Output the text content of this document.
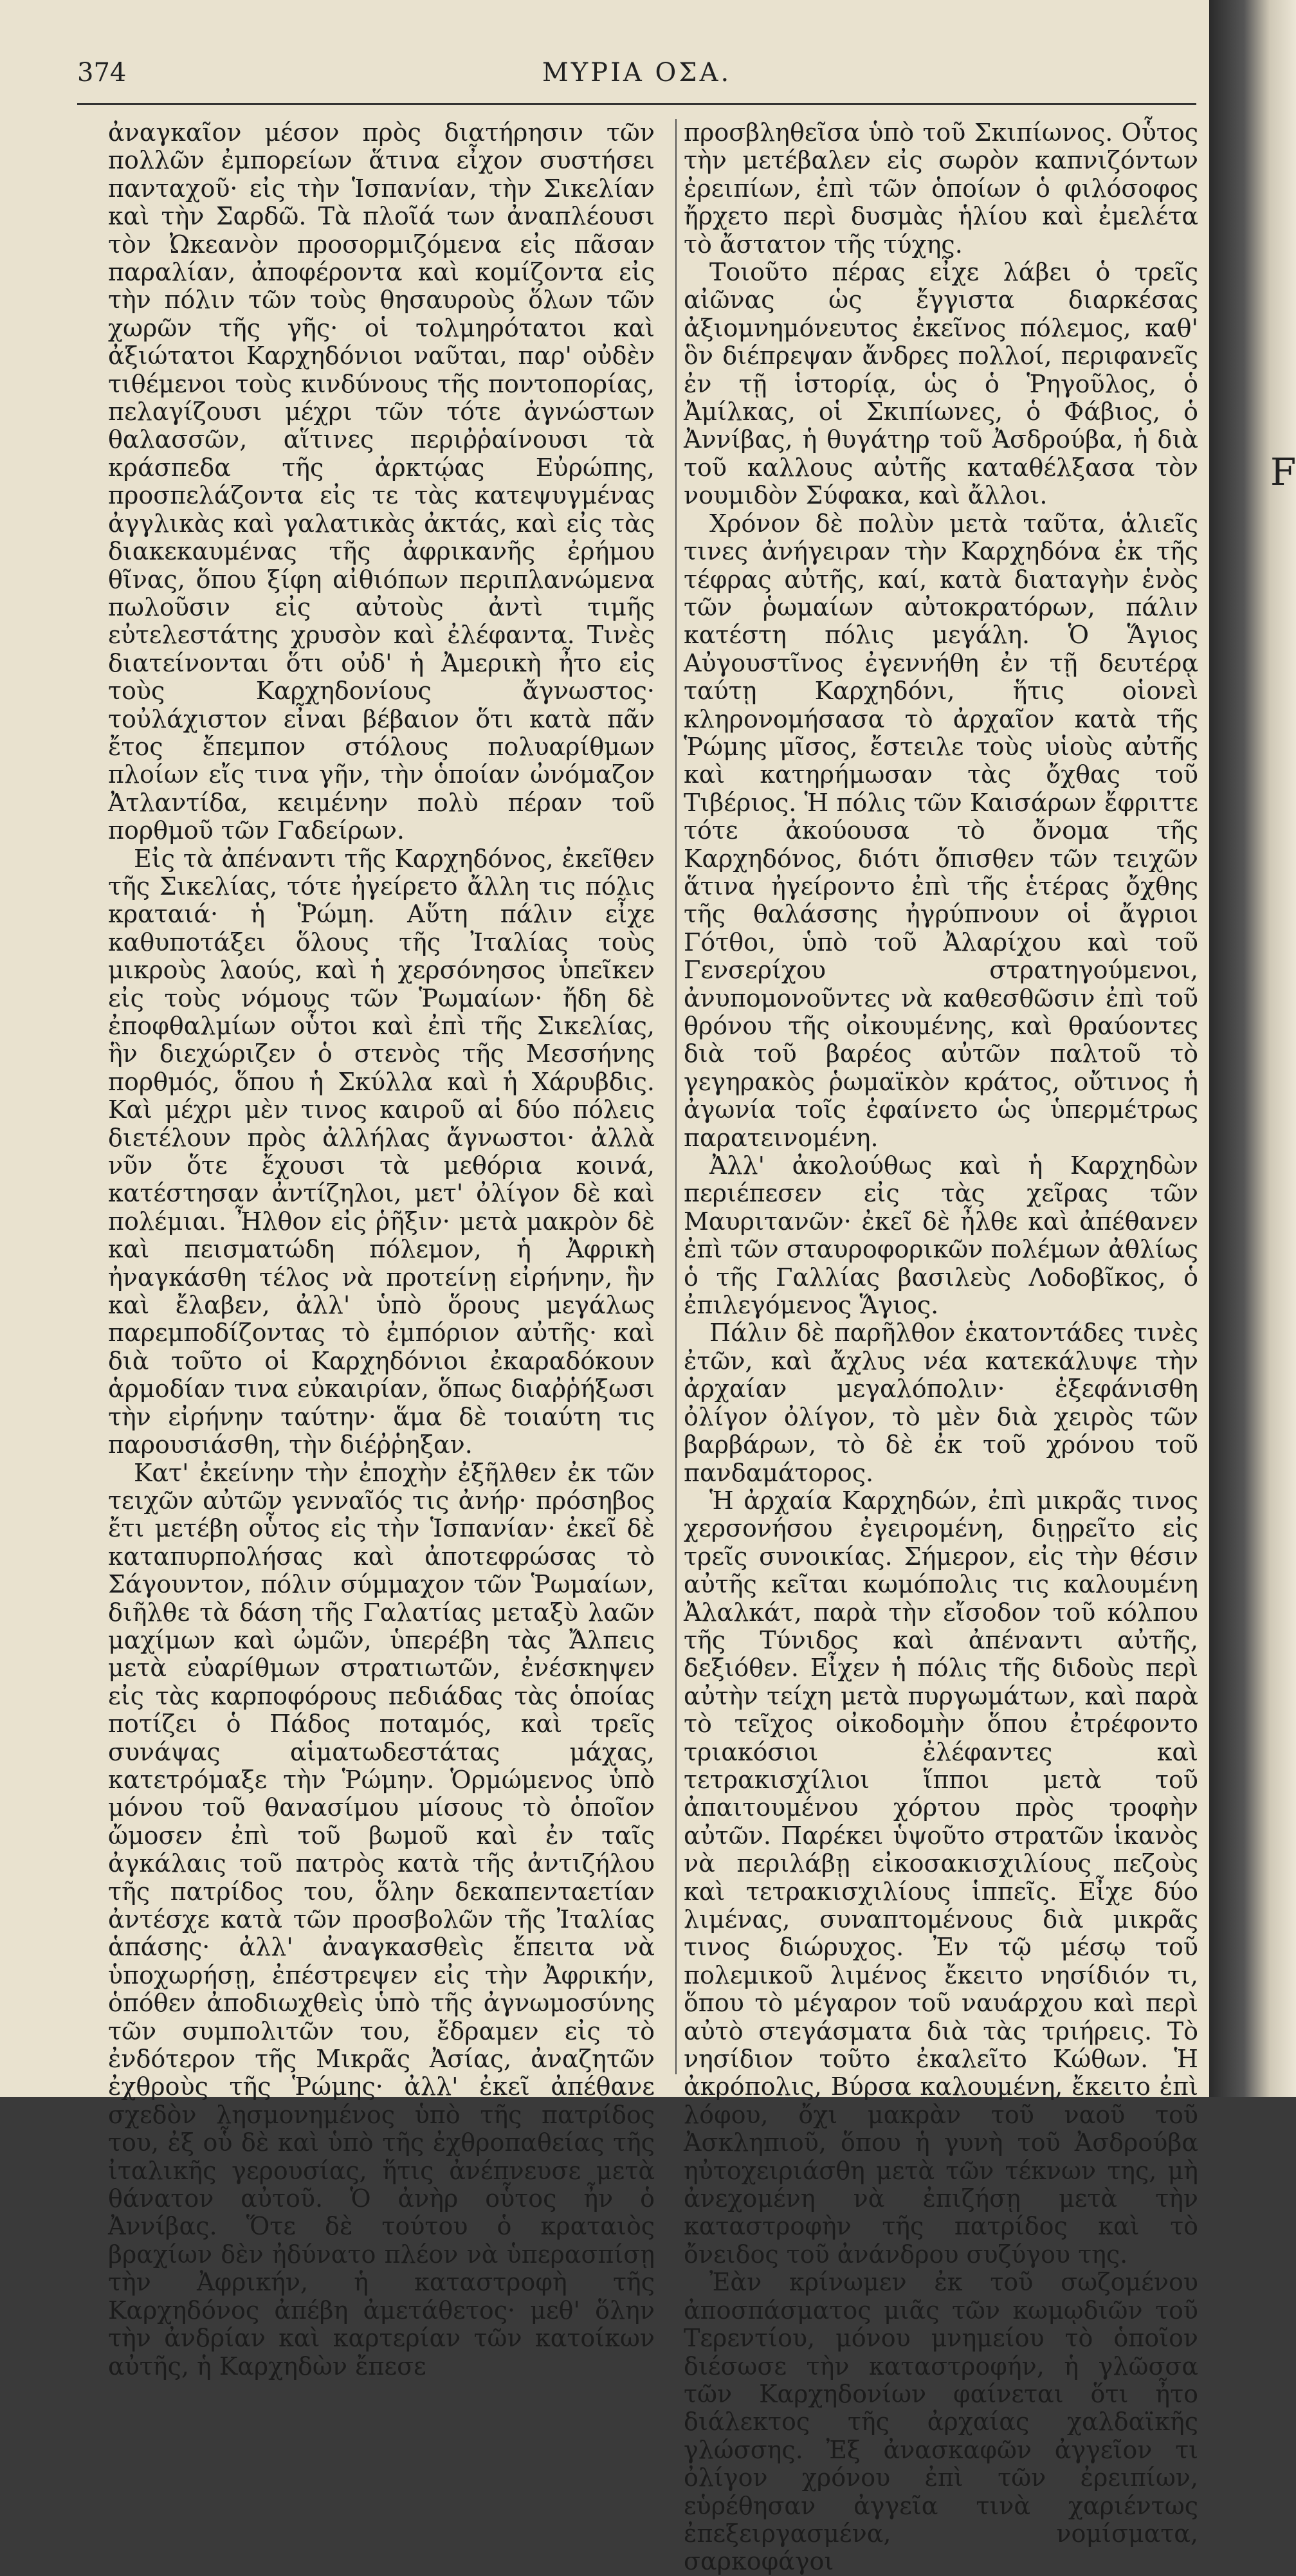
374	ΜΥΡΙΑ ΟΣΑ.

ἀναγκαῖον μέσον πρὸς διατήρησιν τῶν πολλῶν ἐμπορείων ἅτινα εἶχον συστήσει πανταχοῦ· εἰς τὴν Ἱσπανίαν, τὴν Σικελίαν καὶ τὴν Σαρδῶ. Τὰ πλοῖά των ἀναπλέουσι τὸν Ὠκεανὸν προσορμιζόμενα εἰς πᾶσαν παραλίαν, ἀποφέροντα καὶ κομίζοντα εἰς τὴν πόλιν τῶν τοὺς θησαυροὺς ὅλων τῶν χωρῶν τῆς γῆς· οἱ τολμηρότατοι καὶ ἀξιώτατοι Καρχηδόνιοι ναῦται, παρ' οὐδὲν τιθέμενοι τοὺς κινδύνους τῆς ποντοπορίας, πελαγίζουσι μέχρι τῶν τότε ἀγνώστων θαλασσῶν, αἵτινες περιῤῥαίνουσι τὰ κράσπεδα τῆς ἀρκτῴας Εὐρώπης, προσπελάζοντα εἰς τε τὰς κατεψυγμένας ἀγγλικὰς καὶ γαλατικὰς ἀκτάς, καὶ εἰς τὰς διακεκαυμένας τῆς ἀφρικανῆς ἐρήμου θῖνας, ὅπου ξίφη αἰθιόπων περιπλανώμενα πωλοῦσιν εἰς αὐτοὺς ἀντὶ τιμῆς εὐτελεστάτης χρυσὸν καὶ ἐλέφαντα. Τινὲς διατείνονται ὅτι οὐδ' ἡ Ἀμερικὴ ἦτο εἰς τοὺς Καρχηδονίους ἄγνωστος· τοὐλάχιστον εἶναι βέβαιον ὅτι κατὰ πᾶν ἔτος ἔπεμπον στόλους πολυαρίθμων πλοίων εἴς τινα γῆν, τὴν ὁποίαν ὠνόμαζον Ἀτλαντίδα, κειμένην πολὺ πέραν τοῦ πορθμοῦ τῶν Γαδείρων.

Εἰς τὰ ἀπέναντι τῆς Καρχηδόνος, ἐκεῖθεν τῆς Σικελίας, τότε ἠγείρετο ἄλλη τις πόλις κραταιά· ἡ Ῥώμη. Αὕτη πάλιν εἶχε καθυποτάξει ὅλους τῆς Ἰταλίας τοὺς μικροὺς λαούς, καὶ ἡ χερσόνησος ὑπεῖκεν εἰς τοὺς νόμους τῶν Ῥωμαίων· ἤδη δὲ ἐποφθαλμίων οὗτοι καὶ ἐπὶ τῆς Σικελίας, ἣν διεχώριζεν ὁ στενὸς τῆς Μεσσήνης πορθμός, ὅπου ἡ Σκύλλα καὶ ἡ Χάρυβδις. Καὶ μέχρι μὲν τινος καιροῦ αἱ δύο πόλεις διετέλουν πρὸς ἀλλήλας ἄγνωστοι· ἀλλὰ νῦν ὅτε ἔχουσι τὰ μεθόρια κοινά, κατέστησαν ἀντίζηλοι, μετ' ὀλίγον δὲ καὶ πολέμιαι. Ἦλθον εἰς ῥῆξιν· μετὰ μακρὸν δὲ καὶ πεισματώδη πόλεμον, ἡ Ἀφρικὴ ἠναγκάσθη τέλος νὰ προτείνῃ εἰρήνην, ἣν καὶ ἔλαβεν, ἀλλ' ὑπὸ ὅρους μεγάλως παρεμποδίζοντας τὸ ἐμπόριον αὐτῆς· καὶ διὰ τοῦτο οἱ Καρχηδόνιοι ἐκαραδόκουν ἁρμοδίαν τινα εὐκαιρίαν, ὅπως διαῤῥήξωσι τὴν εἰρήνην ταύτην· ἅμα δὲ τοιαύτη τις παρουσιάσθη, τὴν διέῤῥηξαν.

Κατ' ἐκείνην τὴν ἐποχὴν ἐξῆλθεν ἐκ τῶν τειχῶν αὐτῶν γενναῖός τις ἀνήρ· πρόσηβος ἔτι μετέβη οὗτος εἰς τὴν Ἱσπανίαν· ἐκεῖ δὲ καταπυρπολήσας καὶ ἀποτεφρώσας τὸ Σάγουντον, πόλιν σύμμαχον τῶν Ῥωμαίων, διῆλθε τὰ δάση τῆς Γαλατίας μεταξὺ λαῶν μαχίμων καὶ ὠμῶν, ὑπερέβη τὰς Ἄλπεις μετὰ εὐαρίθμων στρατιωτῶν, ἐνέσκηψεν εἰς τὰς καρποφόρους πεδιάδας τὰς ὁποίας ποτίζει ὁ Πάδος ποταμός, καὶ τρεῖς συνάψας αἱματωδεστάτας μάχας, κατετρόμαξε τὴν Ῥώμην. Ὁρμώμενος ὑπὸ μόνου τοῦ θανασίμου μίσους τὸ ὁποῖον ὤμοσεν ἐπὶ τοῦ βωμοῦ καὶ ἐν ταῖς ἀγκάλαις τοῦ πατρὸς κατὰ τῆς ἀντιζήλου τῆς πατρίδος του, ὅλην δεκαπενταετίαν ἀντέσχε κατὰ τῶν προσβολῶν τῆς Ἰταλίας ἁπάσης· ἀλλ' ἀναγκασθεὶς ἔπειτα νὰ ὑποχωρήσῃ, ἐπέστρεψεν εἰς τὴν Ἀφρικήν, ὁπόθεν ἀποδιωχθεὶς ὑπὸ τῆς ἀγνωμοσύνης τῶν συμπολιτῶν του, ἔδραμεν εἰς τὸ ἐνδότερον τῆς Μικρᾶς Ἀσίας, ἀναζητῶν ἐχθροὺς τῆς Ῥώμης· ἀλλ' ἐκεῖ ἀπέθανε σχεδὸν λησμονημένος ὑπὸ τῆς πατρίδος του, ἐξ οὗ δὲ καὶ ὑπὸ τῆς ἐχθροπαθείας τῆς ἰταλικῆς γερουσίας, ἥτις ἀνέπνευσε μετὰ θάνατον αὐτοῦ. Ὁ ἀνὴρ οὗτος ἦν ὁ Ἀννίβας. Ὅτε δὲ τούτου ὁ κραταιὸς βραχίων δὲν ἠδύνατο πλέον νὰ ὑπερασπίσῃ τὴν Ἀφρικήν, ἡ καταστροφὴ τῆς Καρχηδόνος ἀπέβη ἀμετάθετος· μεθ' ὅλην τὴν ἀνδρίαν καὶ καρτερίαν τῶν κατοίκων αὐτῆς, ἡ Καρχηδὼν ἔπεσε

προσβληθεῖσα ὑπὸ τοῦ Σκιπίωνος. Οὗτος τὴν μετέβαλεν εἰς σωρὸν καπνιζόντων ἐρειπίων, ἐπὶ τῶν ὁποίων ὁ φιλόσοφος ἤρχετο περὶ δυσμὰς ἡλίου καὶ ἐμελέτα τὸ ἄστατον τῆς τύχης.

Τοιοῦτο πέρας εἶχε λάβει ὁ τρεῖς αἰῶνας ὡς ἔγγιστα διαρκέσας ἀξιομνημόνευτος ἐκεῖνος πόλεμος, καθ' ὃν διέπρεψαν ἄνδρες πολλοί, περιφανεῖς ἐν τῇ ἱστορίᾳ, ὡς ὁ Ῥηγοῦλος, ὁ Ἀμίλκας, οἱ Σκιπίωνες, ὁ Φάβιος, ὁ Ἀννίβας, ἡ θυγάτηρ τοῦ Ἀσδρούβα, ἡ διὰ τοῦ καλλους αὐτῆς καταθέλξασα τὸν νουμιδὸν Σύφακα, καὶ ἄλλοι.

Χρόνον δὲ πολὺν μετὰ ταῦτα, ἁλιεῖς τινες ἀνήγειραν τὴν Καρχηδόνα ἐκ τῆς τέφρας αὐτῆς, καί, κατὰ διαταγὴν ἑνὸς τῶν ῥωμαίων αὐτοκρατόρων, πάλιν κατέστη πόλις μεγάλη. Ὁ Ἅγιος Αὐγουστῖνος ἐγεννήθη ἐν τῇ δευτέρᾳ ταύτῃ Καρχηδόνι, ἥτις οἱονεὶ κληρονομήσασα τὸ ἀρχαῖον κατὰ τῆς Ῥώμης μῖσος, ἔστειλε τοὺς υἱοὺς αὐτῆς καὶ κατηρήμωσαν τὰς ὄχθας τοῦ Τιβέριος. Ἡ πόλις τῶν Καισάρων ἔφριττε τότε ἀκούουσα τὸ ὄνομα τῆς Καρχηδόνος, διότι ὄπισθεν τῶν τειχῶν ἅτινα ἠγείροντο ἐπὶ τῆς ἑτέρας ὄχθης τῆς θαλάσσης ἠγρύπνουν οἱ ἄγριοι Γότθοι, ὑπὸ τοῦ Ἀλαρίχου καὶ τοῦ Γενσερίχου στρατηγούμενοι, ἀνυπομονοῦντες νὰ καθεσθῶσιν ἐπὶ τοῦ θρόνου τῆς οἰκουμένης, καὶ θραύοντες διὰ τοῦ βαρέος αὐτῶν παλτοῦ τὸ γεγηρακὸς ῥωμαϊκὸν κράτος, οὔτινος ἡ ἀγωνία τοῖς ἐφαίνετο ὡς ὑπερμέτρως παρατεινομένη.

Ἀλλ' ἀκολούθως καὶ ἡ Καρχηδὼν περιέπεσεν εἰς τὰς χεῖρας τῶν Μαυριτανῶν· ἐκεῖ δὲ ἦλθε καὶ ἀπέθανεν ἐπὶ τῶν σταυροφορικῶν πολέμων ἀθλίως ὁ τῆς Γαλλίας βασιλεὺς Λοδοβῖκος, ὁ ἐπιλεγόμενος Ἅγιος.

Πάλιν δὲ παρῆλθον ἑκατοντάδες τινὲς ἐτῶν, καὶ ἄχλυς νέα κατεκάλυψε τὴν ἀρχαίαν μεγαλόπολιν· ἐξεφάνισθη ὀλίγον ὀλίγον, τὸ μὲν διὰ χειρὸς τῶν βαρβάρων, τὸ δὲ ἐκ τοῦ χρόνου τοῦ πανδαμάτορος.

Ἡ ἀρχαία Καρχηδών, ἐπὶ μικρᾶς τινος χερσονήσου ἐγειρομένη, διῃρεῖτο εἰς τρεῖς συνοικίας. Σήμερον, εἰς τὴν θέσιν αὐτῆς κεῖται κωμόπολις τις καλουμένη Ἀλαλκάτ, παρὰ τὴν εἴσοδον τοῦ κόλπου τῆς Τύνιδος καὶ ἀπέναντι αὐτῆς, δεξιόθεν. Εἶχεν ἡ πόλις τῆς διδοὺς περὶ αὐτὴν τείχη μετὰ πυργωμάτων, καὶ παρὰ τὸ τεῖχος οἰκοδομὴν ὅπου ἐτρέφοντο τριακόσιοι ἐλέφαντες καὶ τετρακισχίλιοι ἵπποι μετὰ τοῦ ἀπαιτουμένου χόρτου πρὸς τροφὴν αὐτῶν. Παρέκει ὑψοῦτο στρατῶν ἱκανὸς νὰ περιλάβῃ εἰκοσακισχιλίους πεζοὺς καὶ τετρακισχιλίους ἱππεῖς. Εἶχε δύο λιμένας, συναπτομένους διὰ μικρᾶς τινος διώρυχος. Ἐν τῷ μέσῳ τοῦ πολεμικοῦ λιμένος ἔκειτο νησίδιόν τι, ὅπου τὸ μέγαρον τοῦ ναυάρχου καὶ περὶ αὐτὸ στεγάσματα διὰ τὰς τριήρεις. Τὸ νησίδιον τοῦτο ἐκαλεῖτο Κώθων. Ἡ ἀκρόπολις, Βύρσα καλουμένη, ἔκειτο ἐπὶ λόφου, ὄχι μακρὰν τοῦ ναοῦ τοῦ Ἀσκληπιοῦ, ὅπου ἡ γυνὴ τοῦ Ἀσδρούβα ηὐτοχειριάσθη μετὰ τῶν τέκνων της, μὴ ἀνεχομένη νὰ ἐπιζήσῃ μετὰ τὴν καταστροφὴν τῆς πατρίδος καὶ τὸ ὄνειδος τοῦ ἀνάνδρου συζύγου της.

Ἐὰν κρίνωμεν ἐκ τοῦ σωζομένου ἀποσπάσματος μιᾶς τῶν κωμῳδιῶν τοῦ Τερεντίου, μόνου μνημείου τὸ ὁποῖον διέσωσε τὴν καταστροφήν, ἡ γλῶσσα τῶν Καρχηδονίων φαίνεται ὅτι ἦτο διάλεκτος τῆς ἀρχαίας χαλδαϊκῆς γλώσσης. Ἐξ ἀνασκαφῶν ἀγγεῖον τι ὀλίγον χρόνου ἐπὶ τῶν ἐρειπίων, εὑρέθησαν ἀγγεῖα τινὰ χαριέντως ἐπεξειργασμένα, νομίσματα, σαρκοφάγοι

F
